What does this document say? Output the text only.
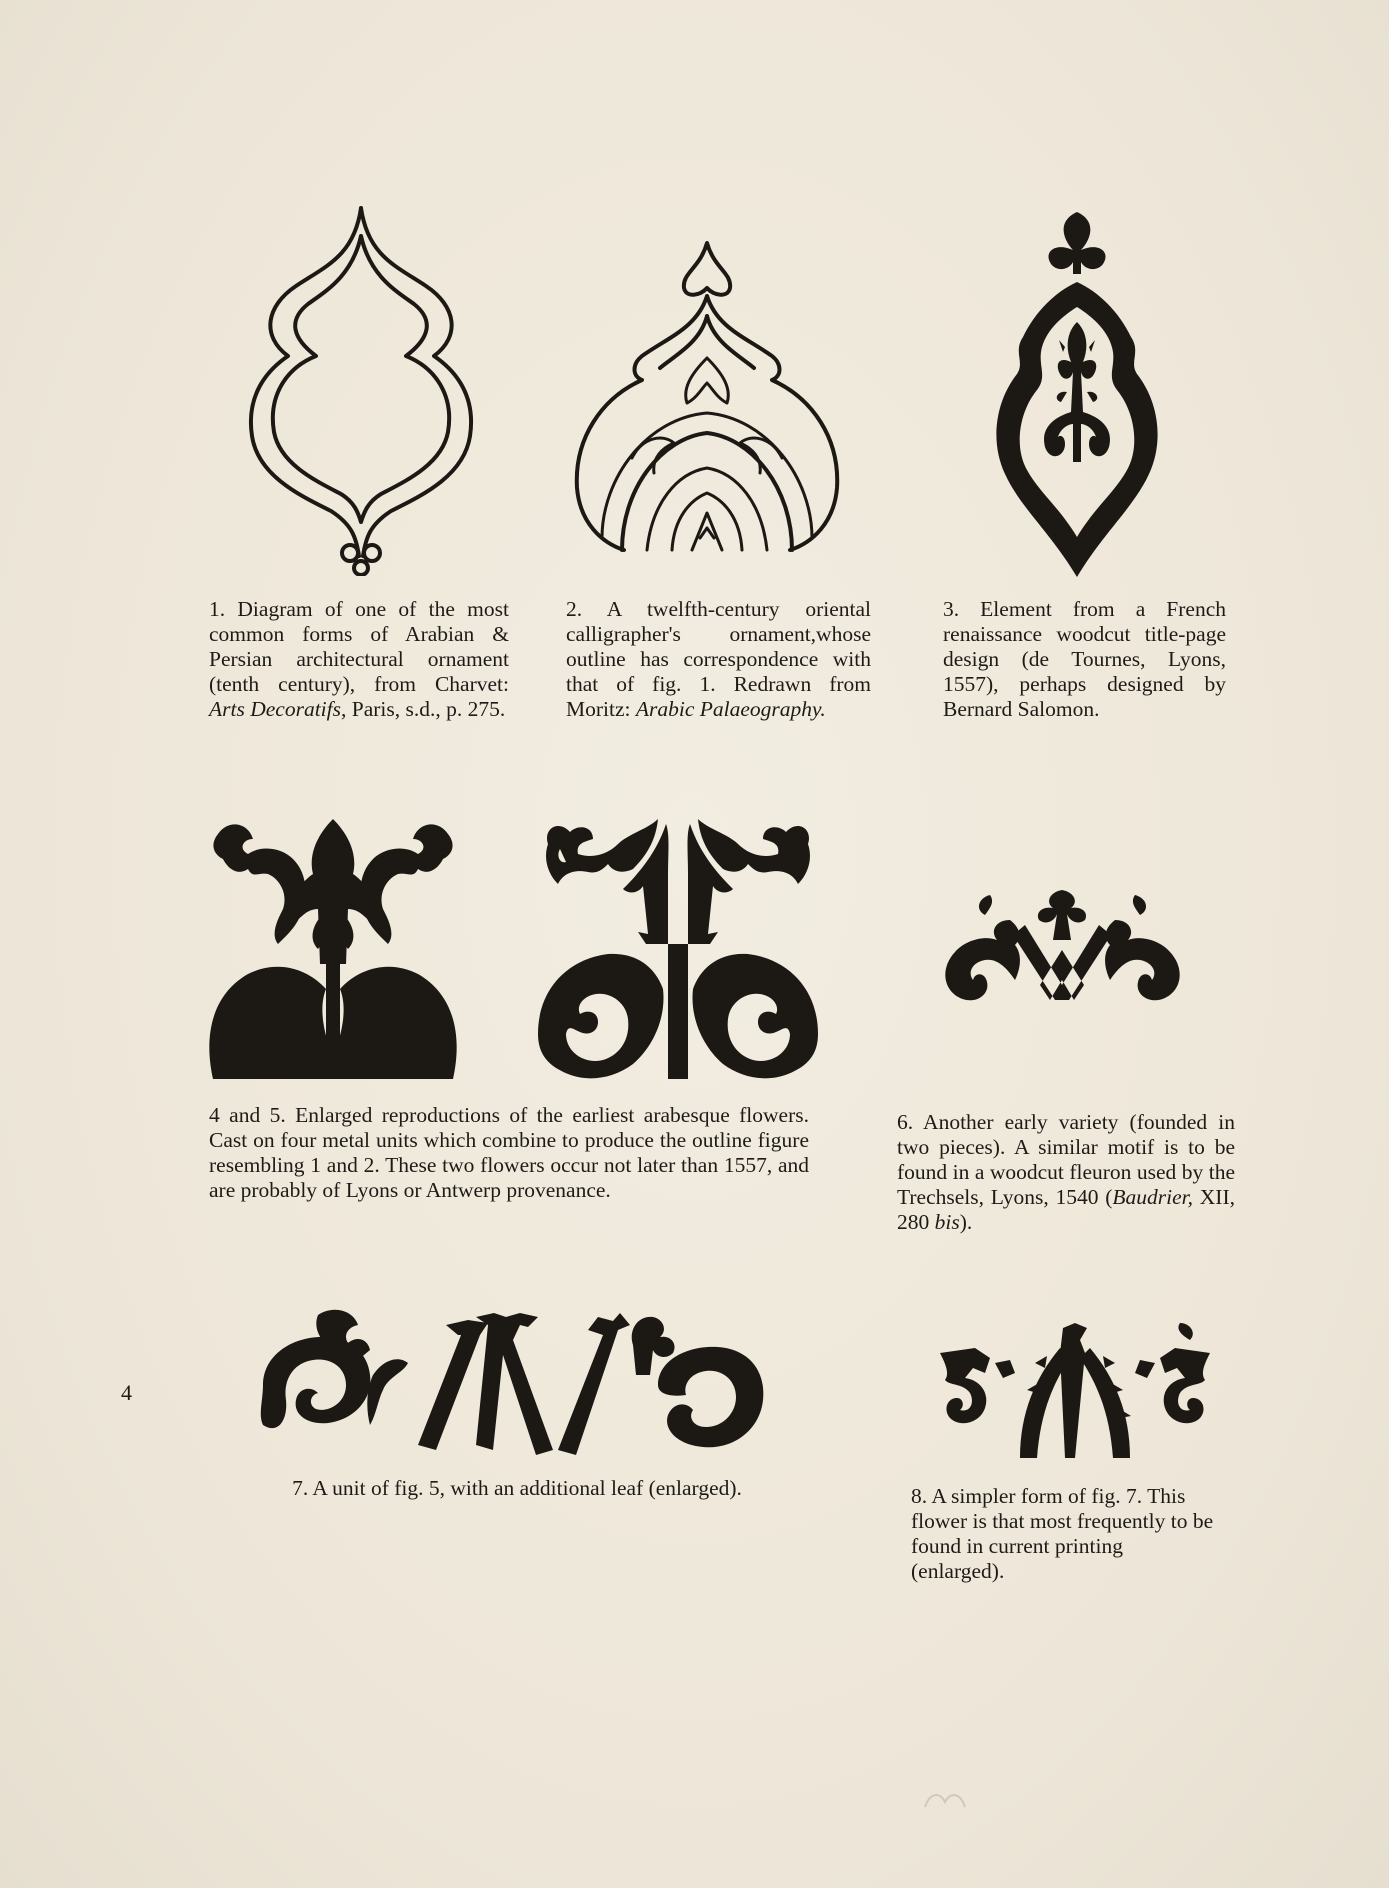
1. Diagram of one of the most common forms of Arabian & Persian architectural ornament (tenth century), from Charvet: Arts Decoratifs, Paris, s.d., p. 275.
2. A twelfth-century oriental calligrapher's ornament,whose outline has correspondence with that of fig. 1. Redrawn from Moritz: Arabic Palaeography.
3. Element from a French renaissance woodcut title-page design (de Tournes, Lyons, 1557), perhaps designed by Bernard Salomon.
4 and 5. Enlarged reproductions of the earliest arabesque flowers. Cast on four metal units which combine to produce the outline figure resembling 1 and 2. These two flowers occur not later than 1557, and are probably of Lyons or Antwerp provenance.
6. Another early variety (founded in two pieces). A similar motif is to be found in a woodcut fleuron used by the Trechsels, Lyons, 1540 (Baudrier, XII, 280 bis).
7. A unit of fig. 5, with an additional leaf (enlarged).	8. A simpler form of fig. 7. This flower is that most frequently to be found in current printing (enlarged).
4
